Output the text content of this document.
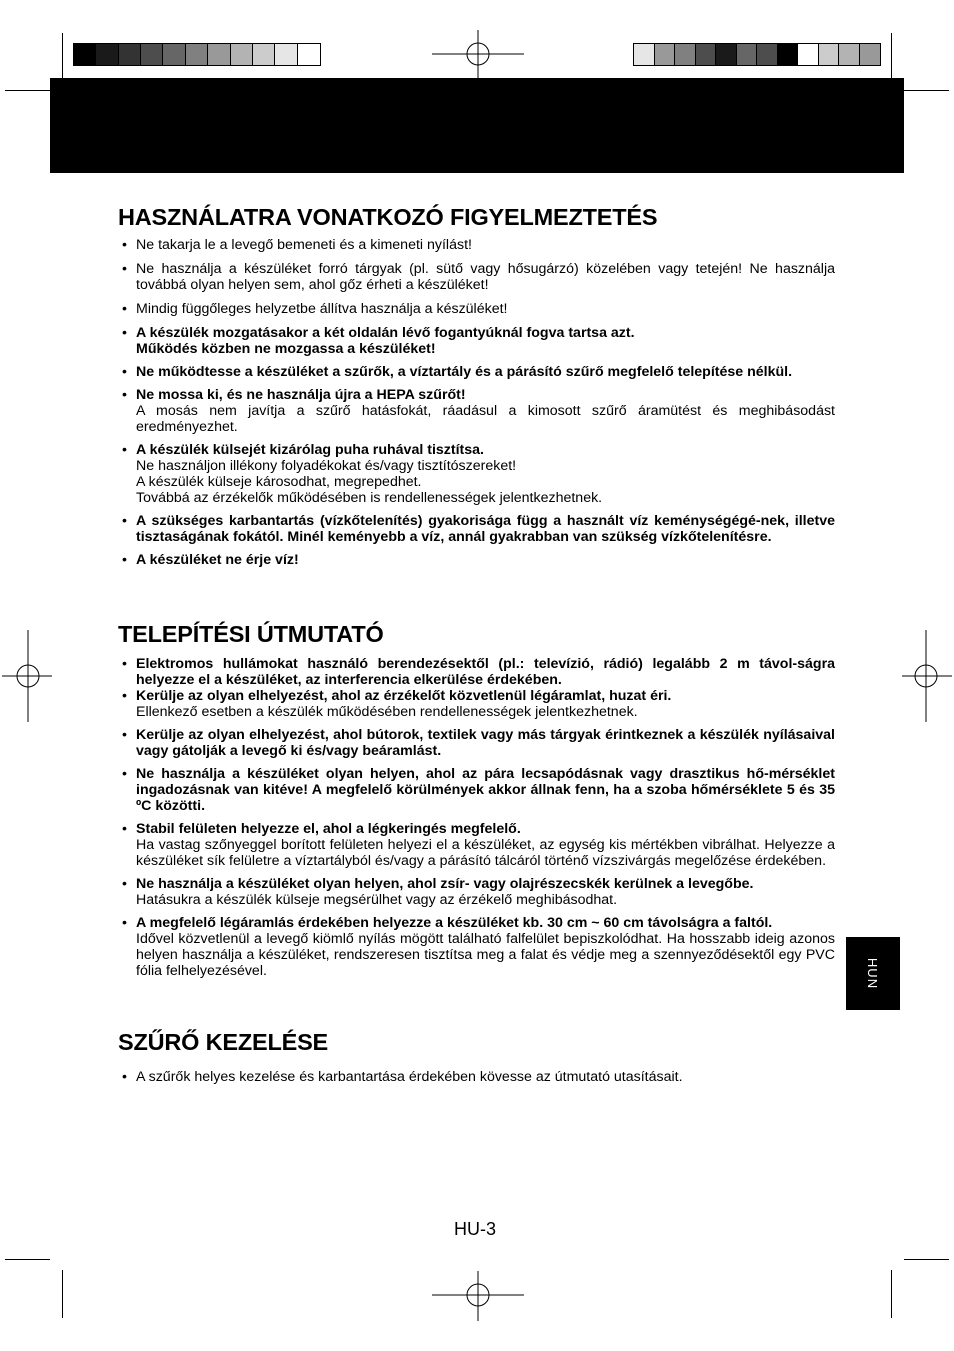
HASZNÁLATRA VONATKOZÓ FIGYELMEZTETÉS
• Ne takarja le a levegő bemeneti és a kimeneti nyílást!
• Ne használja a készüléket forró tárgyak (pl. sütő vagy hősugárzó) közelében vagy tetején! Ne használja továbbá olyan helyen sem, ahol gőz érheti a készüléket!
• Mindig függőleges helyzetbe állítva használja a készüléket!
• A készülék mozgatásakor a két oldalán lévő fogantyúknál fogva tartsa azt.
Működés közben ne mozgassa a készüléket!
• Ne működtesse a készüléket a szűrők, a víztartály és a párásító szűrő megfelelő telepítése nélkül.
• Ne mossa ki, és ne használja újra a HEPA szűrőt!
A mosás nem javítja a szűrő hatásfokát, ráadásul a kimosott szűrő áramütést és meghibásodást eredményezhet.
• A készülék külsejét kizárólag puha ruhával tisztítsa.
Ne használjon illékony folyadékokat és/vagy tisztítószereket!
A készülék külseje károsodhat, megrepedhet.
Továbbá az érzékelők működésében is rendellenességek jelentkezhetnek.
• A szükséges karbantartás (vízkőtelenítés) gyakorisága függ a használt víz keménységégé-nek, illetve tisztaságának fokától. Minél keményebb a víz, annál gyakrabban van szükség vízkőtelenítésre.
• A készüléket ne érje víz!
TELEPÍTÉSI ÚTMUTATÓ
• Elektromos hullámokat használó berendezésektől (pl.: televízió, rádió) legalább 2 m távol-ságra helyezze el a készüléket, az interferencia elkerülése érdekében.
• Kerülje az olyan elhelyezést, ahol az érzékelőt közvetlenül légáramlat, huzat éri.
Ellenkező esetben a készülék működésében rendellenességek jelentkezhetnek.
• Kerülje az olyan elhelyezést, ahol bútorok, textilek vagy más tárgyak érintkeznek a készülék nyílásaival vagy gátolják a levegő ki és/vagy beáramlást.
• Ne használja a készüléket olyan helyen, ahol az pára lecsapódásnak vagy drasztikus hő-mérséklet ingadozásnak van kitéve! A megfelelő körülmények akkor állnak fenn, ha a szoba hőmérséklete 5 és 35 ºC közötti.
• Stabil felületen helyezze el, ahol a légkeringés megfelelő.
Ha vastag szőnyeggel borított felületen helyezi el a készüléket, az egység kis mértékben vibrálhat. Helyezze a készüléket sík felületre a víztartályból és/vagy a párásító tálcáról történő vízszivárgás megelőzése érdekében.
• Ne használja a készüléket olyan helyen, ahol zsír- vagy olajrészecskék kerülnek a levegőbe.
Hatásukra a készülék külseje megsérülhet vagy az érzékelő meghibásodhat.
• A megfelelő légáramlás érdekében helyezze a készüléket kb. 30 cm ~ 60 cm távolságra a faltól.
Idővel közvetlenül a levegő kiömlő nyílás mögött található falfelület bepiszkolódhat. Ha hosszabb ideig azonos helyen használja a készüléket, rendszeresen tisztítsa meg a falat és védje meg a szennyeződésektől egy PVC fólia felhelyezésével.
SZŰRŐ KEZELÉSE
• A szűrők helyes kezelése és karbantartása érdekében kövesse az útmutató utasításait.
HUN
HU-3
